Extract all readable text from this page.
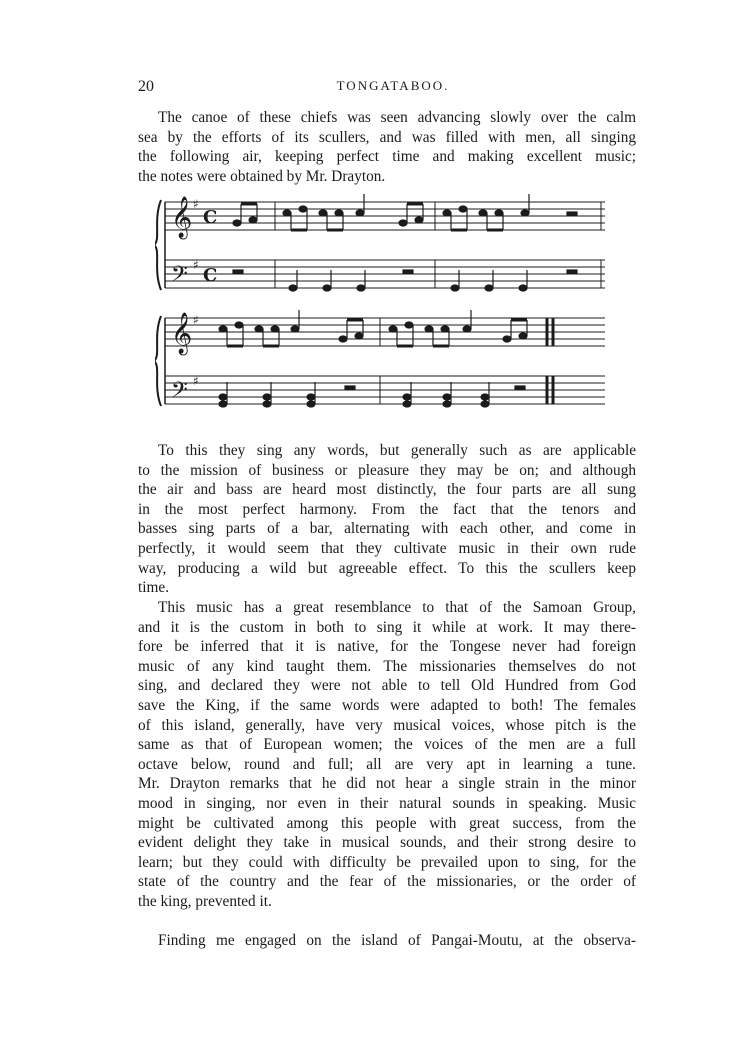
20	TONGATABOO.

The canoe of these chiefs was seen advancing slowly over the calm
sea by the efforts of its scullers, and was filled with men, all singing
the following air, keeping perfect time and making excellent music;
the notes were obtained by Mr. Drayton.

𝄞
𝄢
𝄞
𝄢
♯
♯
♯
♯
C
C

To this they sing any words, but generally such as are applicable
to the mission of business or pleasure they may be on; and although
the air and bass are heard most distinctly, the four parts are all sung
in the most perfect harmony. From the fact that the tenors and
basses sing parts of a bar, alternating with each other, and come in
perfectly, it would seem that they cultivate music in their own rude
way, producing a wild but agreeable effect. To this the scullers keep
time.

This music has a great resemblance to that of the Samoan Group,
and it is the custom in both to sing it while at work. It may there-
fore be inferred that it is native, for the Tongese never had foreign
music of any kind taught them. The missionaries themselves do not
sing, and declared they were not able to tell Old Hundred from God
save the King, if the same words were adapted to both! The females
of this island, generally, have very musical voices, whose pitch is the
same as that of European women; the voices of the men are a full
octave below, round and full; all are very apt in learning a tune.
Mr. Drayton remarks that he did not hear a single strain in the minor
mood in singing, nor even in their natural sounds in speaking. Music
might be cultivated among this people with great success, from the
evident delight they take in musical sounds, and their strong desire to
learn; but they could with difficulty be prevailed upon to sing, for the
state of the country and the fear of the missionaries, or the order of
the king, prevented it.

Finding me engaged on the island of Pangai-Moutu, at the observa-
